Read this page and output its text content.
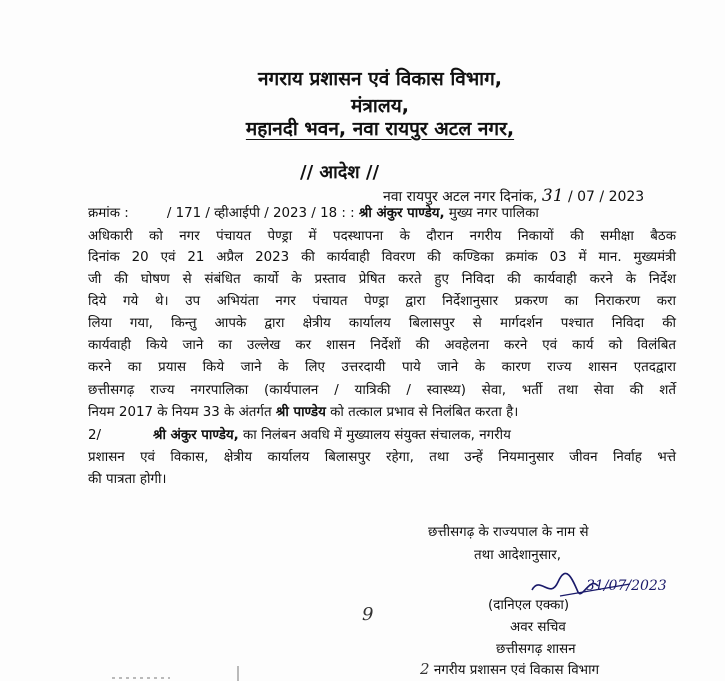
नगराय प्रशासन एवं विकास विभाग,
मंत्रालय,
महानदी भवन, नवा रायपुर अटल नगर,
// आदेश //
नवा रायपुर अटल नगर दिनांक, 31 / 07 / 2023
क्रमांक :	/ 171 / व्हीआईपी / 2023 / 18 : : श्री अंकुर पाण्डेय, मुख्य नगर पालिका
अधिकारी को नगर पंचायत पेण्ड्रा में पदस्थापना के दौरान नगरीय निकायों की समीक्षा बैठक
दिनांक 20 एवं 21 अप्रैल 2023 की कार्यवाही विवरण की कण्डिका क्रमांक 03 में मान. मुख्यमंत्री
जी की घोषण से संबंधित कार्यो के प्रस्ताव प्रेषित करते हुए निविदा की कार्यवाही करने के निर्देश
दिये गये थे। उप अभियंता नगर पंचायत पेण्ड्रा द्वारा निर्देशानुसार प्रकरण का निराकरण करा
लिया गया, किन्तु आपके द्वारा क्षेत्रीय कार्यालय बिलासपुर से मार्गदर्शन पश्चात निविदा की
कार्यवाही किये जाने का उल्लेख कर शासन निर्देशों की अवहेलना करने एवं कार्य को विलंबित
करने का प्रयास किये जाने के लिए उत्तरदायी पाये जाने के कारण राज्य शासन एतदद्वारा
छत्तीसगढ़ राज्य नगरपालिका (कार्यपालन / यात्रिकी / स्वास्थ्य) सेवा, भर्ती तथा सेवा की शर्ते
नियम 2017 के नियम 33 के अंतर्गत श्री पाण्डेय को तत्काल प्रभाव से निलंबित करता है।
2/	श्री अंकुर पाण्डेय, का निलंबन अवधि में मुख्यालय संयुक्त संचालक, नगरीय
प्रशासन एवं विकास, क्षेत्रीय कार्यालय बिलासपुर रहेगा, तथा उन्हें नियमानुसार जीवन निर्वाह भत्ते
की पात्रता होगी।
छत्तीसगढ़ के राज्यपाल के नाम से
तथा आदेशानुसार,
31/07/2023
(दानिएल एक्का)
अवर सचिव
छत्तीसगढ़ शासन
2 नगरीय प्रशासन एवं विकास विभाग
9
